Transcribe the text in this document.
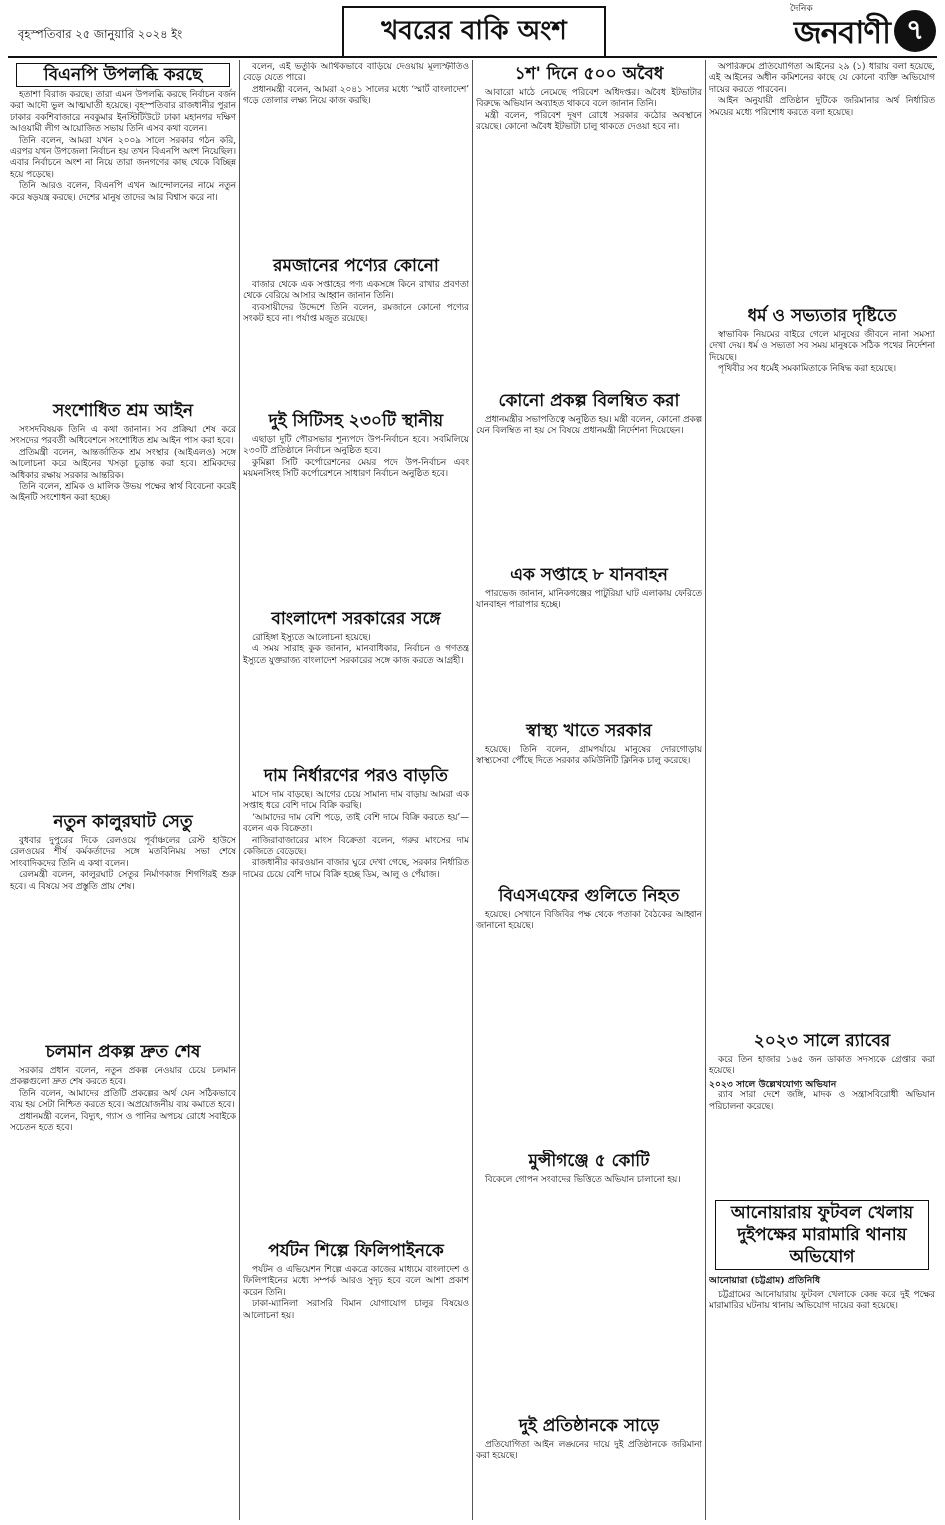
বৃহস্পতিবার ২৫ জানুয়ারি ২০২৪ ইং	খবরের বাকি অংশ
দৈনিক
জনবাণী ৭
বিএনপি উপলব্ধি করছে

হতাশা বিরাজ করছে। তারা এমন উপলব্ধি করছে নির্বাচন বর্জন করা আদৌ ভুল আত্মঘাতী হয়েছে। বৃহস্পতিবার রাজধানীর পুরান ঢাকার বকশিবাজারে নবকুমার ইনস্টিটিউটে ঢাকা মহানগর দক্ষিণ আওয়ামী লীগ আয়োজিত সভায় তিনি এসব কথা বলেন।

তিনি বলেন, আমরা যখন ২০০৯ সালে সরকার গঠন করি, এরপর যখন উপজেলা নির্বাচন হয় তখন বিএনপি অংশ নিয়েছিল। এবার নির্বাচনে অংশ না নিয়ে তারা জনগণের কাছ থেকে বিচ্ছিন্ন হয়ে পড়েছে।

তিনি আরও বলেন, বিএনপি এখন আন্দোলনের নামে নতুন করে ষড়যন্ত্র করছে। দেশের মানুষ তাদের আর বিশ্বাস করে না।

সংশোধিত শ্রম আইন

সংসদবিষয়ক তিনি এ কথা জানান। সব প্রক্রিয়া শেষ করে সংসদের পরবর্তী অধিবেশনে সংশোধিত শ্রম আইন পাস করা হবে।

প্রতিমন্ত্রী বলেন, আন্তর্জাতিক শ্রম সংস্থার (আইএলও) সঙ্গে আলোচনা করে আইনের খসড়া চূড়ান্ত করা হবে। শ্রমিকদের অধিকার রক্ষায় সরকার আন্তরিক।

তিনি বলেন, শ্রমিক ও মালিক উভয় পক্ষের স্বার্থ বিবেচনা করেই আইনটি সংশোধন করা হচ্ছে।

নতুন কালুরঘাট সেতু

বুধবার দুপুরের দিকে রেলওয়ে পূর্বাঞ্চলের রেস্ট হাউসে রেলওয়ের শীর্ষ কর্মকর্তাদের সঙ্গে মতবিনিময় সভা শেষে সাংবাদিকদের তিনি এ কথা বলেন।

রেলমন্ত্রী বলেন, কালুরঘাট সেতুর নির্মাণকাজ শিগগিরই শুরু হবে। এ বিষয়ে সব প্রস্তুতি প্রায় শেষ।

চলমান প্রকল্প দ্রুত শেষ

সরকার প্রধান বলেন, নতুন প্রকল্প নেওয়ার চেয়ে চলমান প্রকল্পগুলো দ্রুত শেষ করতে হবে।

তিনি বলেন, আমাদের প্রতিটি প্রকল্পের অর্থ যেন সঠিকভাবে ব্যয় হয় সেটা নিশ্চিত করতে হবে। অপ্রয়োজনীয় ব্যয় কমাতে হবে।

প্রধানমন্ত্রী বলেন, বিদ্যুৎ, গ্যাস ও পানির অপচয় রোধে সবাইকে সচেতন হতে হবে।

বলেন, এই ভর্তুকি আর্থিকভাবে বাড়িয়ে দেওয়ায় মূল্যস্ফীতিও বেড়ে যেতে পারে।

প্রধানমন্ত্রী বলেন, আমরা ২০৪১ সালের মধ্যে ‘স্মার্ট বাংলাদেশ’ গড়ে তোলার লক্ষ্য নিয়ে কাজ করছি।

রমজানের পণ্যের কোনো

বাজার থেকে এক সপ্তাহের পণ্য একসঙ্গে কিনে রাখার প্রবণতা থেকে বেরিয়ে আসার আহ্বান জানান তিনি।

ব্যবসায়ীদের উদ্দেশে তিনি বলেন, রমজানে কোনো পণ্যের সংকট হবে না। পর্যাপ্ত মজুত রয়েছে।

দুই সিটিসহ ২৩০টি স্থানীয়

এছাড়া দুটি পৌরসভার শূন্যপদে উপ-নির্বাচন হবে। সবমিলিয়ে ২৩০টি প্রতিষ্ঠানে নির্বাচন অনুষ্ঠিত হবে।

কুমিল্লা সিটি কর্পোরেশনের মেয়র পদে উপ-নির্বাচন এবং ময়মনসিংহ সিটি কর্পোরেশনে সাধারণ নির্বাচন অনুষ্ঠিত হবে।

বাংলাদেশ সরকারের সঙ্গে

রোহিঙ্গা ইস্যুতে আলোচনা হয়েছে।

এ সময় সারাহ কুক জানান, মানবাধিকার, নির্বাচন ও গণতন্ত্র ইস্যুতে যুক্তরাজ্য বাংলাদেশ সরকারের সঙ্গে কাজ করতে আগ্রহী।

দাম নির্ধারণের পরও বাড়তি

মাসে দাম বাড়ছে। আগের চেয়ে সামান্য দাম বাড়ায় আমরা এক সপ্তাহ ধরে বেশি দামে বিক্রি করছি।

‘আমাদের দাম বেশি পড়ে, তাই বেশি দামে বিক্রি করতে হয়’—বলেন এক বিক্রেতা।

নাজিরাবাজারের মাংস বিক্রেতা বলেন, গরুর মাংসের দাম কেজিতে বেড়েছে।

রাজধানীর কারওয়ান বাজার ঘুরে দেখা গেছে, সরকার নির্ধারিত দামের চেয়ে বেশি দামে বিক্রি হচ্ছে ডিম, আলু ও পেঁয়াজ।

পর্যটন শিল্পে ফিলিপাইনকে

পর্যটন ও এভিয়েশন শিল্পে একত্রে কাজের মাধ্যমে বাংলাদেশ ও ফিলিপাইনের মধ্যে সম্পর্ক আরও সুদৃঢ় হবে বলে আশা প্রকাশ করেন তিনি।

ঢাকা-ম্যানিলা সরাসরি বিমান যোগাযোগ চালুর বিষয়েও আলোচনা হয়।

১শ' দিনে ৫০০ অবৈধ

আবারো মাঠে নেমেছে পরিবেশ অধিদপ্তর। অবৈধ ইটভাটার বিরুদ্ধে অভিযান অব্যাহত থাকবে বলে জানান তিনি।

মন্ত্রী বলেন, পরিবেশ দূষণ রোধে সরকার কঠোর অবস্থানে রয়েছে। কোনো অবৈধ ইটভাটা চালু থাকতে দেওয়া হবে না।

কোনো প্রকল্প বিলম্বিত করা

প্রধানমন্ত্রীর সভাপতিত্বে অনুষ্ঠিত হয়। মন্ত্রী বলেন, কোনো প্রকল্প যেন বিলম্বিত না হয় সে বিষয়ে প্রধানমন্ত্রী নির্দেশনা দিয়েছেন।

এক সপ্তাহে ৮ যানবাহন

পারভেজ জানান, মানিকগঞ্জের পাটুরিয়া ঘাট এলাকায় ফেরিতে যানবাহন পারাপার হচ্ছে।

স্বাস্থ্য খাতে সরকার

হয়েছে। তিনি বলেন, গ্রামপর্যায়ে মানুষের দোরগোড়ায় স্বাস্থ্যসেবা পৌঁছে দিতে সরকার কমিউনিটি ক্লিনিক চালু করেছে।

বিএসএফের গুলিতে নিহত

হয়েছে। সেখানে বিজিবির পক্ষ থেকে পতাকা বৈঠকের আহ্বান জানানো হয়েছে।

মুন্সীগঞ্জে ৫ কোটি

বিকেলে গোপন সংবাদের ভিত্তিতে অভিযান চালানো হয়।

দুই প্রতিষ্ঠানকে সাড়ে

প্রতিযোগিতা আইন লঙ্ঘনের দায়ে দুই প্রতিষ্ঠানকে জরিমানা করা হয়েছে।

অপরিক্রমে প্রতিযোগিতা আইনের ২৯ (১) ধারায় বলা হয়েছে, এই আইনের অধীন কমিশনের কাছে যে কোনো ব্যক্তি অভিযোগ দায়ের করতে পারবেন।

আইন অনুযায়ী প্রতিষ্ঠান দুটিকে জরিমানার অর্থ নির্ধারিত সময়ের মধ্যে পরিশোধ করতে বলা হয়েছে।

ধর্ম ও সভ্যতার দৃষ্টিতে

স্বাভাবিক নিয়মের বাইরে গেলে মানুষের জীবনে নানা সমস্যা দেখা দেয়। ধর্ম ও সভ্যতা সব সময় মানুষকে সঠিক পথের নির্দেশনা দিয়েছে।

পৃথিবীর সব ধর্মেই সমকামিতাকে নিষিদ্ধ করা হয়েছে।

২০২৩ সালে র‍্যাবের

করে তিন হাজার ১৬৫ জন ডাকাত সদস্যকে গ্রেপ্তার করা হয়েছে।

২০২৩ সালে উল্লেখযোগ্য অভিযান

র‍্যাব সারা দেশে জঙ্গি, মাদক ও সন্ত্রাসবিরোধী অভিযান পরিচালনা করেছে।

আনোয়ারায় ফুটবল খেলায় দুইপক্ষের মারামারি থানায় অভিযোগ
আনোয়ারা (চট্টগ্রাম) প্রতিনিধি

চট্টগ্রামের আনোয়ারায় ফুটবল খেলাকে কেন্দ্র করে দুই পক্ষের মারামারির ঘটনায় থানায় অভিযোগ দায়ের করা হয়েছে।
